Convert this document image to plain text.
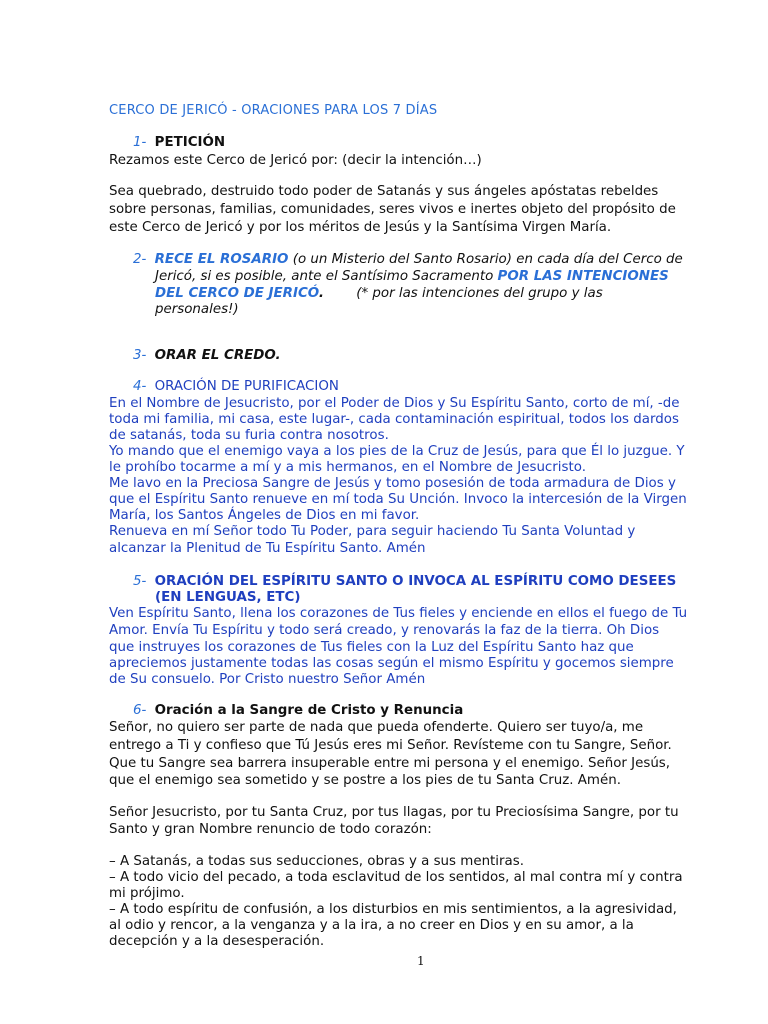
CERCO DE JERICÓ - ORACIONES PARA LOS 7 DÍAS
1- PETICIÓN
Rezamos este Cerco de Jericó por: (decir la intención…)
Sea quebrado, destruido todo poder de Satanás y sus ángeles apóstatas rebeldes
sobre personas, familias, comunidades, seres vivos e inertes objeto del propósito de
este Cerco de Jericó y por los méritos de Jesús y la Santísima Virgen María.
2- RECE EL ROSARIO (o un Misterio del Santo Rosario) en cada día del Cerco de
Jericó, si es posible, ante el Santísimo Sacramento POR LAS INTENCIONES
DEL CERCO DE JERICÓ. (* por las intenciones del grupo y las
personales!)
3- ORAR EL CREDO.
4- ORACIÓN DE PURIFICACION
En el Nombre de Jesucristo, por el Poder de Dios y Su Espíritu Santo, corto de mí, -de
toda mi familia, mi casa, este lugar-, cada contaminación espiritual, todos los dardos
de satanás, toda su furia contra nosotros.
Yo mando que el enemigo vaya a los pies de la Cruz de Jesús, para que Él lo juzgue. Y
le prohíbo tocarme a mí y a mis hermanos, en el Nombre de Jesucristo.
Me lavo en la Preciosa Sangre de Jesús y tomo posesión de toda armadura de Dios y
que el Espíritu Santo renueve en mí toda Su Unción. Invoco la intercesión de la Virgen
María, los Santos Ángeles de Dios en mi favor.
Renueva en mí Señor todo Tu Poder, para seguir haciendo Tu Santa Voluntad y
alcanzar la Plenitud de Tu Espíritu Santo. Amén
5- ORACIÓN DEL ESPÍRITU SANTO O INVOCA AL ESPÍRITU COMO DESEES
(EN LENGUAS, ETC)
Ven Espíritu Santo, llena los corazones de Tus fieles y enciende en ellos el fuego de Tu
Amor. Envía Tu Espíritu y todo será creado, y renovarás la faz de la tierra. Oh Dios
que instruyes los corazones de Tus fieles con la Luz del Espíritu Santo haz que
apreciemos justamente todas las cosas según el mismo Espíritu y gocemos siempre
de Su consuelo. Por Cristo nuestro Señor Amén
6- Oración a la Sangre de Cristo y Renuncia
Señor, no quiero ser parte de nada que pueda ofenderte. Quiero ser tuyo/a, me
entrego a Ti y confieso que Tú Jesús eres mi Señor. Revísteme con tu Sangre, Señor.
Que tu Sangre sea barrera insuperable entre mi persona y el enemigo. Señor Jesús,
que el enemigo sea sometido y se postre a los pies de tu Santa Cruz. Amén.
Señor Jesucristo, por tu Santa Cruz, por tus llagas, por tu Preciosísima Sangre, por tu
Santo y gran Nombre renuncio de todo corazón:
– A Satanás, a todas sus seducciones, obras y a sus mentiras.
– A todo vicio del pecado, a toda esclavitud de los sentidos, al mal contra mí y contra
mi prójimo.
– A todo espíritu de confusión, a los disturbios en mis sentimientos, a la agresividad,
al odio y rencor, a la venganza y a la ira, a no creer en Dios y en su amor, a la
decepción y a la desesperación.
1
